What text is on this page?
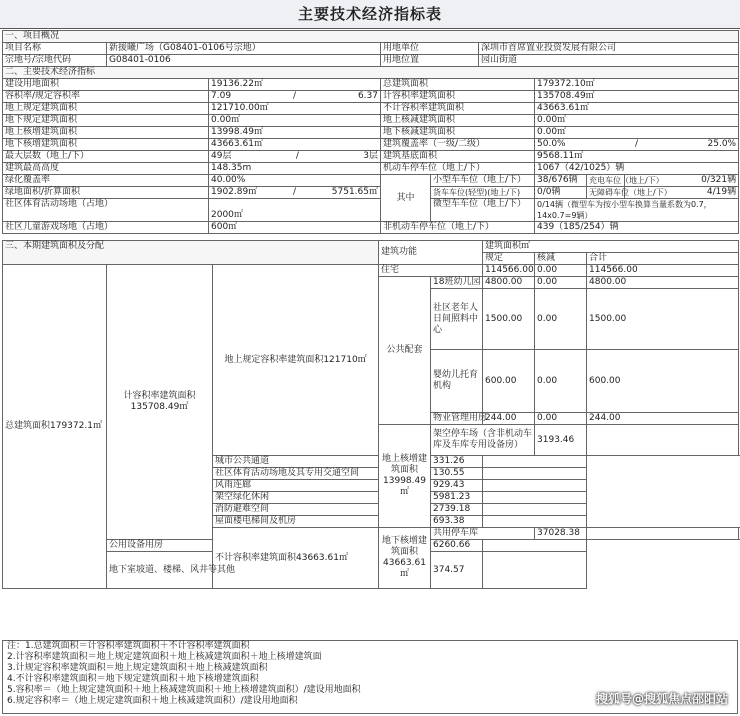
主要技术经济指标表
一、项目概况								
项目名称	新援曦广场（G08401-0106号宗地）		用地单位		深圳市首席置业投资发展有限公司			
宗地号/宗地代码	G08401-0106		用地位置		园山街道			
二、主要技术经济指标								
建设用地面积		19136.22㎡	总建筑面积			179372.10㎡		
容积率/规定容积率		7.09 / 6.37	计容积率建筑面积			135708.49㎡		
地上规定建筑面积		121710.00㎡	不计容积率建筑面积			43663.61㎡		
地下规定建筑面积		0.00㎡	地上核减建筑面积			0.00㎡		
地上核增建筑面积		13998.49㎡	地下核减建筑面积			0.00㎡		
地下核增建筑面积		43663.61㎡	建筑覆盖率（一级/二级）			50.0% / 25.0%		

最大层数（地上/下）		49层 / 3层	建筑基底面积			9568.11㎡		
建筑最高高度		148.35m	机动车停车位（地上/下）			1067（42/1025）辆		
绿化覆盖率		40.00%	其中	小型车车位（地上/下）		38/676辆	充电车位（地上/下）	0/321辆
绿地面积/折算面积		1902.89㎡ / 5751.65㎡		货车车位(轻型)(地上/下)		0/0辆	无障碍车位（地上/下）	4/19辆
社区体育活动场地（占地）		2000㎡		微型车车位（地上/下）		0/14辆（微型车为按小型车换算当量系数为0.7，14x0.7=9辆）		
社区儿童游戏场地（占地）		600㎡	非机动车停车位（地上/下）			439（185/254）辆		
三、本期建筑面积及分配			建筑功能		建筑面积㎡		
					规定	核减	合计
总建筑面积179372.1㎡	计容积率建筑面积135708.49㎡	地上规定容积率建筑面积121710㎡	住宅		114566.00	0.00	114566.00
			公共配套	18班幼儿园	4800.00	0.00	4800.00
				社区老年人日间照料中心	1500.00	0.00	1500.00
				婴幼儿托育机构	600.00	0.00	600.00
				物业管理用房	244.00	0.00	244.00
			地上核增建筑面积13998.49㎡	架空停车场（含非机动车库及车库专用设备房）		3193.46	
		城市公共通道		331.26			
		社区体育活动场地及其专用交通空间		130.55			
		风雨连廊		929.43			
		架空绿化休闲		5981.23			
		消防避难空间		2739.18			
		屋面楼电梯间及机房		693.38			
		不计容积率建筑面积43663.61㎡	地下核增建筑面积43663.61㎡	共用停车库		37028.38	
	公用设备用房			6260.66			
	地下室坡道、楼梯、风井等其他			374.57			
注：1.总建筑面积＝计容积率建筑面积＋不计容积率建筑面积
2.计容积率建筑面积＝地上规定建筑面积＋地上核减建筑面积＋地上核增建筑面
3.计规定容积率建筑面积＝地上规定建筑面积＋地上核减建筑面积
4.不计容积率建筑面积＝地下规定建筑面积＋地下核增建筑面积
5.容积率＝（地上规定建筑面积＋地上核减建筑面积＋地上核增建筑面积）/建设用地面积
6.规定容积率＝（地上规定建筑面积＋地上核减建筑面积）/建设用地面积	搜狐号@搜狐焦点邵阳站
